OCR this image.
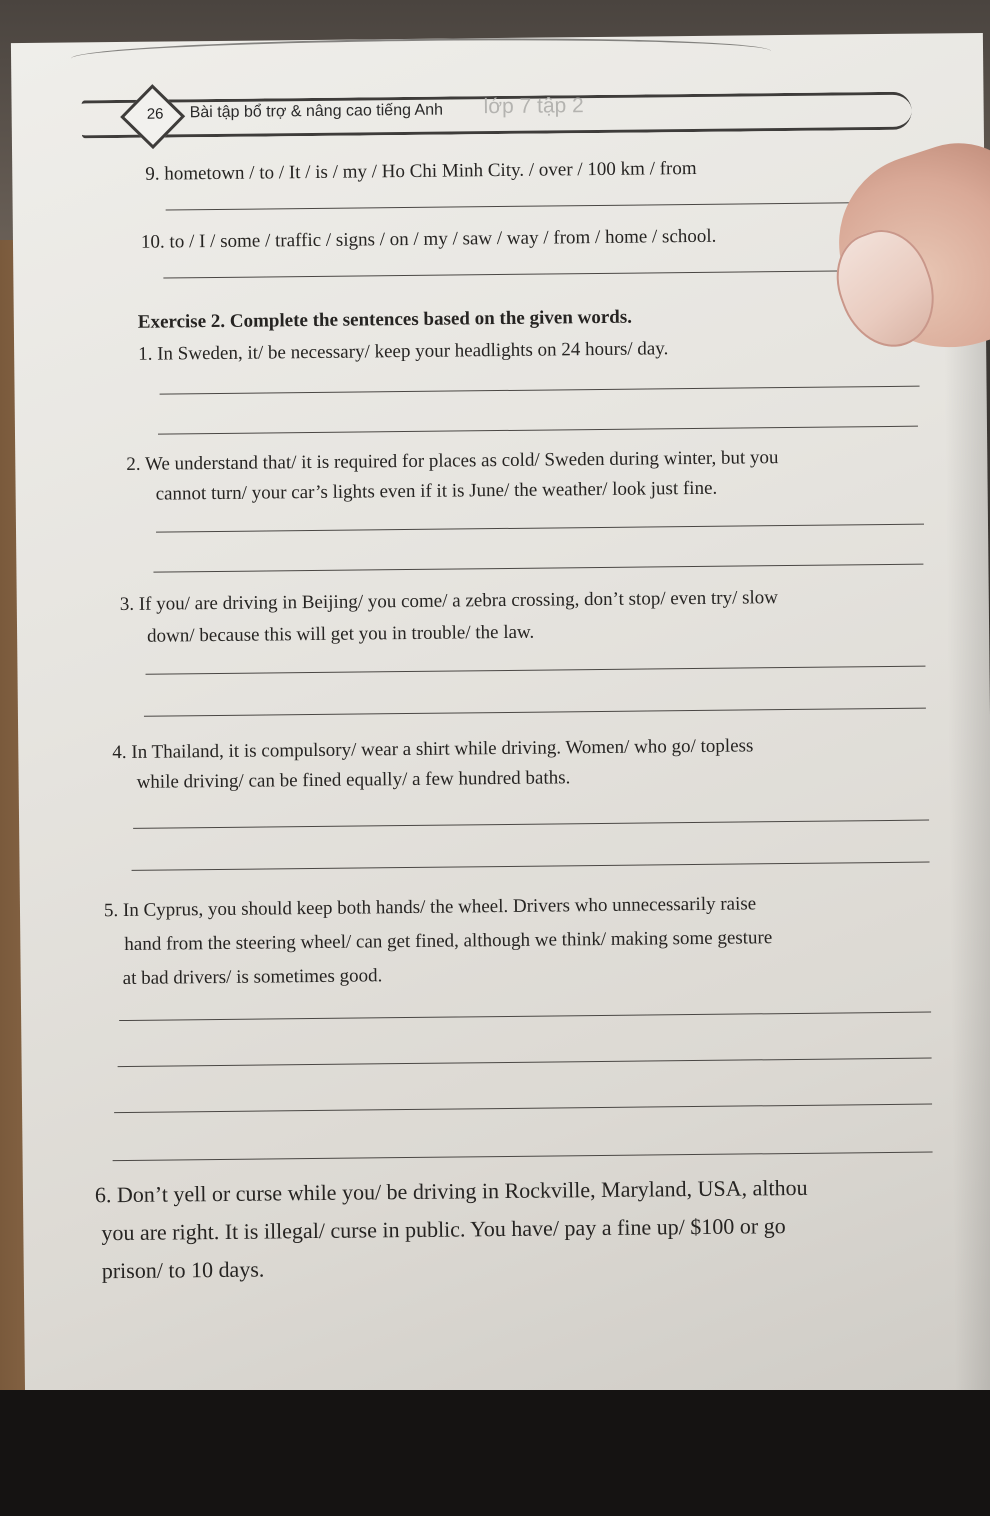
26	Bài tập bổ trợ & nâng cao tiếng Anh lớp 7 tập 2
9. hometown / to / It / is / my / Ho Chi Minh City. / over / 100 km / from
10. to / I / some / traffic / signs / on / my / saw / way / from / home / school.
Exercise 2. Complete the sentences based on the given words.
1. In Sweden, it/ be necessary/ keep your headlights on 24 hours/ day.
2. We understand that/ it is required for places as cold/ Sweden during winter, but you
cannot turn/ your car’s lights even if it is June/ the weather/ look just fine.
3. If you/ are driving in Beijing/ you come/ a zebra crossing, don’t stop/ even try/ slow
down/ because this will get you in trouble/ the law.
4. In Thailand, it is compulsory/ wear a shirt while driving. Women/ who go/ topless
while driving/ can be fined equally/ a few hundred baths.
5. In Cyprus, you should keep both hands/ the wheel. Drivers who unnecessarily raise
hand from the steering wheel/ can get fined, although we think/ making some gesture
at bad drivers/ is sometimes good.
6. Don’t yell or curse while you/ be driving in Rockville, Maryland, USA, althou
you are right. It is illegal/ curse in public. You have/ pay a fine up/ $100 or go
prison/ to 10 days.
